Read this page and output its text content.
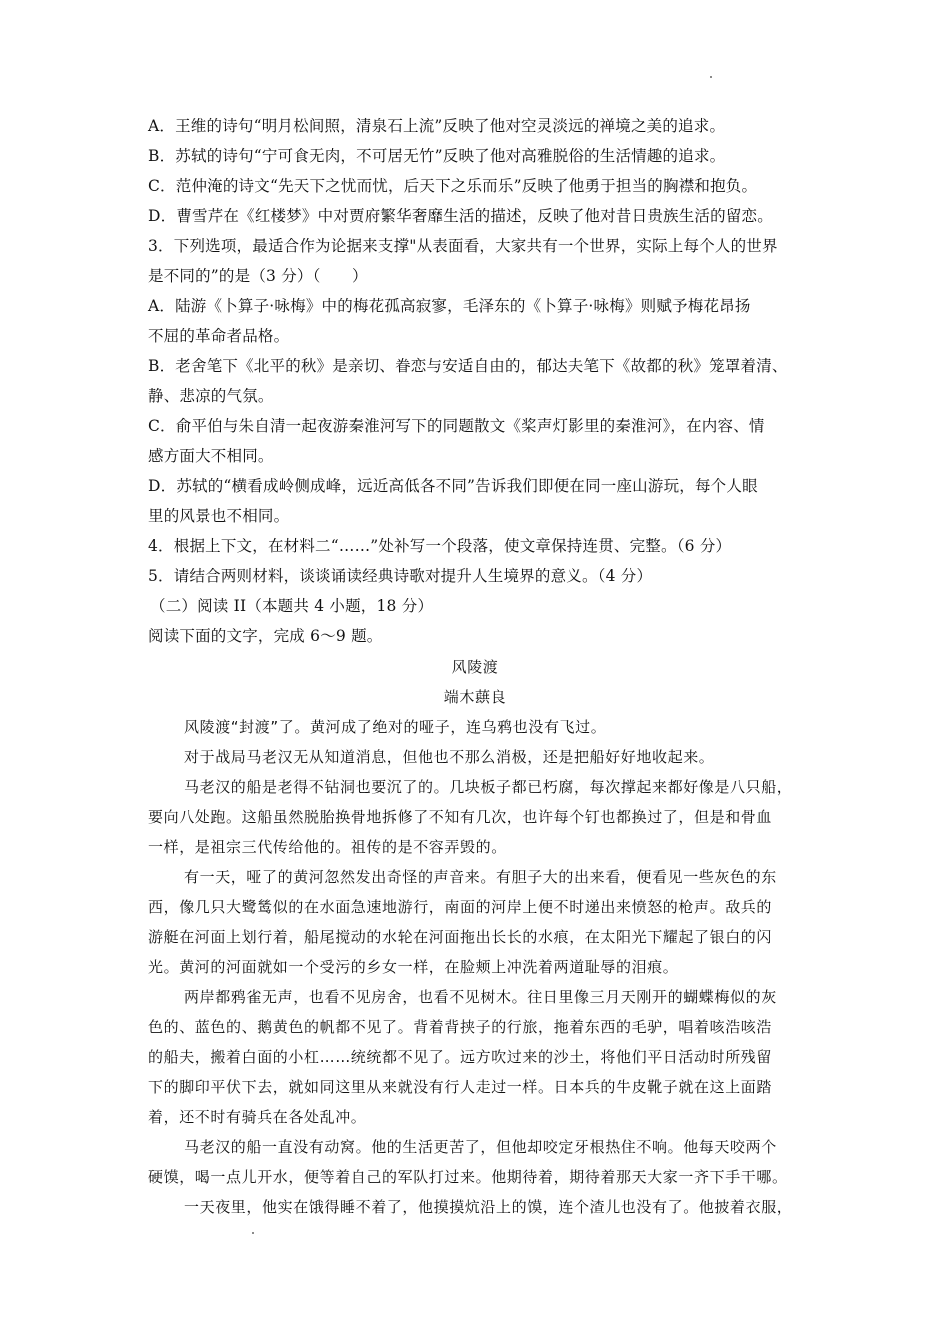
A．王维的诗句“明月松间照，清泉石上流”反映了他对空灵淡远的禅境之美的追求。
B．苏轼的诗句“宁可食无肉，不可居无竹”反映了他对高雅脱俗的生活情趣的追求。
C．范仲淹的诗文“先天下之忧而忧，后天下之乐而乐”反映了他勇于担当的胸襟和抱负。
D．曹雪芹在《红楼梦》中对贾府繁华奢靡生活的描述，反映了他对昔日贵族生活的留恋。
3．下列选项，最适合作为论据来支撑"从表面看，大家共有一个世界，实际上每个人的世界
是不同的”的是（3 分）（　　）
A．陆游《卜算子·咏梅》中的梅花孤高寂寥，毛泽东的《卜算子·咏梅》则赋予梅花昂扬
不屈的革命者品格。
B．老舍笔下《北平的秋》是亲切、眷恋与安适自由的，郁达夫笔下《故都的秋》笼罩着清、
静、悲凉的气氛。
C．俞平伯与朱自清一起夜游秦淮河写下的同题散文《桨声灯影里的秦淮河》，在内容、情
感方面大不相同。
D．苏轼的“横看成岭侧成峰，远近高低各不同”告诉我们即便在同一座山游玩，每个人眼
里的风景也不相同。
4．根据上下文，在材料二“……”处补写一个段落，使文章保持连贯、完整。（6 分）
5．请结合两则材料，谈谈诵读经典诗歌对提升人生境界的意义。（4 分）
（二）阅读 II（本题共 4 小题，18 分）
阅读下面的文字，完成 6～9 题。
风陵渡
端木蕻良
风陵渡“封渡”了。黄河成了绝对的哑子，连乌鸦也没有飞过。
对于战局马老汉无从知道消息，但他也不那么消极，还是把船好好地收起来。
马老汉的船是老得不钻洞也要沉了的。几块板子都已朽腐，每次撑起来都好像是八只船，
要向八处跑。这船虽然脱胎换骨地拆修了不知有几次，也许每个钉也都换过了，但是和骨血
一样，是祖宗三代传给他的。祖传的是不容弄毁的。
有一天，哑了的黄河忽然发出奇怪的声音来。有胆子大的出来看，便看见一些灰色的东
西，像几只大鹭鸶似的在水面急速地游行，南面的河岸上便不时递出来愤怒的枪声。敌兵的
游艇在河面上划行着，船尾搅动的水轮在河面拖出长长的水痕，在太阳光下耀起了银白的闪
光。黄河的河面就如一个受污的乡女一样，在脸颊上冲洗着两道耻辱的泪痕。
两岸都鸦雀无声，也看不见房舍，也看不见树木。往日里像三月天刚开的蝴蝶梅似的灰
色的、蓝色的、鹅黄色的帆都不见了。背着背挟子的行旅，拖着东西的毛驴，唱着咳浩咳浩
的船夫，搬着白面的小杠……统统都不见了。远方吹过来的沙土，将他们平日活动时所残留
下的脚印平伏下去，就如同这里从来就没有行人走过一样。日本兵的牛皮靴子就在这上面踏
着，还不时有骑兵在各处乱冲。
马老汉的船一直没有动窝。他的生活更苦了，但他却咬定牙根热住不响。他每天咬两个
硬馍，喝一点儿开水，便等着自己的军队打过来。他期待着，期待着那天大家一齐下手干哪。
一天夜里，他实在饿得睡不着了，他摸摸炕沿上的馍，连个渣儿也没有了。他披着衣服，
